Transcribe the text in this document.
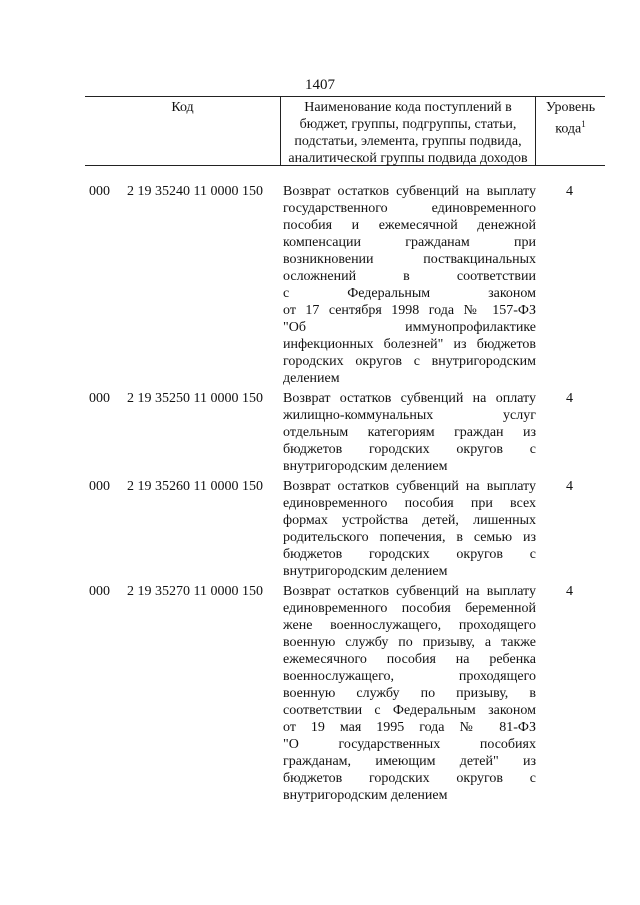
1407
Код	Наименование кода поступлений в
бюджет, группы, подгруппы, статьи,
подстатьи, элемента, группы подвида,
аналитической группы подвида доходов
Уровень
кода$^1$
000 2 19 35240 11 0000 150 Возврат остатков субвенций на выплату
государственного единовременного
пособия и ежемесячной денежной
компенсации гражданам при
возникновении поствакцинальных
осложнений в соответствии
с Федеральным законом
от 17 сентября 1998 года № 157-ФЗ
"Об иммунопрофилактике
инфекционных болезней" из бюджетов
городских округов с внутригородским
делением
4
000 2 19 35250 11 0000 150 Возврат остатков субвенций на оплату
жилищно-коммунальных услуг
отдельным категориям граждан из
бюджетов городских округов с
внутригородским делением
4
000 2 19 35260 11 0000 150 Возврат остатков субвенций на выплату
единовременного пособия при всех
формах устройства детей, лишенных
родительского попечения, в семью из
бюджетов городских округов с
внутригородским делением
4
000 2 19 35270 11 0000 150 Возврат остатков субвенций на выплату
единовременного пособия беременной
жене военнослужащего, проходящего
военную службу по призыву, а также
ежемесячного пособия на ребенка
военнослужащего, проходящего
военную службу по призыву, в
соответствии с Федеральным законом
от 19 мая 1995 года № 81-ФЗ
"О государственных пособиях
гражданам, имеющим детей" из
бюджетов городских округов с
внутригородским делением
4
